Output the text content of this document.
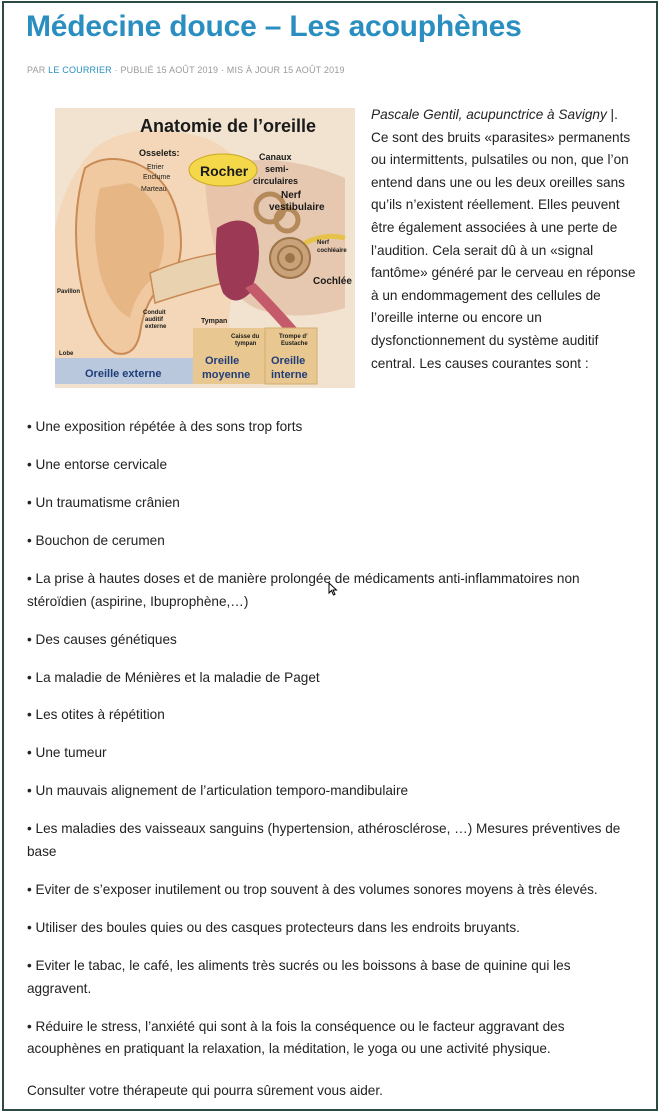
Médecine douce – Les acouphènes
PAR LE COURRIER · PUBLIÉ 15 AOÛT 2019 · MIS À JOUR 15 AOÛT 2019
Anatomie de l’oreille
Rocher
Osselets:
Etrier
Enclume
Marteau
Canaux
semi-
circulaires
Nerf
vestibulaire
Nerf
cochléaire
Cochlée
Pavillon
Lobe
Conduit
auditif
externe
Tympan
Caisse du
tympan
Trompe d’
Eustache
Oreille externe
Oreille
moyenne
Oreille
interne
Pascale Gentil, acupunctrice à Savigny |. Ce sont des bruits «parasites» permanents ou intermittents, pulsatiles ou non, que l’on entend dans une ou les deux oreilles sans qu’ils n’existent réellement. Elles peuvent être également associées à une perte de l’audition. Cela serait dû à un «signal fantôme» généré par le cerveau en réponse à un endommagement des cellules de l’oreille interne ou encore un dysfonctionnement du système auditif central. Les causes courantes sont :
• Une exposition répétée à des sons trop forts
• Une entorse cervicale
• Un traumatisme crânien
• Bouchon de cerumen
• La prise à hautes doses et de manière prolongée de médicaments anti-inflammatoires non stéroïdien (aspirine, Ibuprophène,…)
• Des causes génétiques
• La maladie de Ménières et la maladie de Paget
• Les otites à répétition
• Une tumeur
• Un mauvais alignement de l’articulation temporo-mandibulaire
• Les maladies des vaisseaux sanguins (hypertension, athérosclérose, …) Mesures préventives de base
• Eviter de s’exposer inutilement ou trop souvent à des volumes sonores moyens à très élevés.
• Utiliser des boules quies ou des casques protecteurs dans les endroits bruyants.
• Eviter le tabac, le café, les aliments très sucrés ou les boissons à base de quinine qui les aggravent.
• Réduire le stress, l’anxiété qui sont à la fois la conséquence ou le facteur aggravant des acouphènes en pratiquant la relaxation, la méditation, le yoga ou une activité physique.
Consulter votre thérapeute qui pourra sûrement vous aider.
